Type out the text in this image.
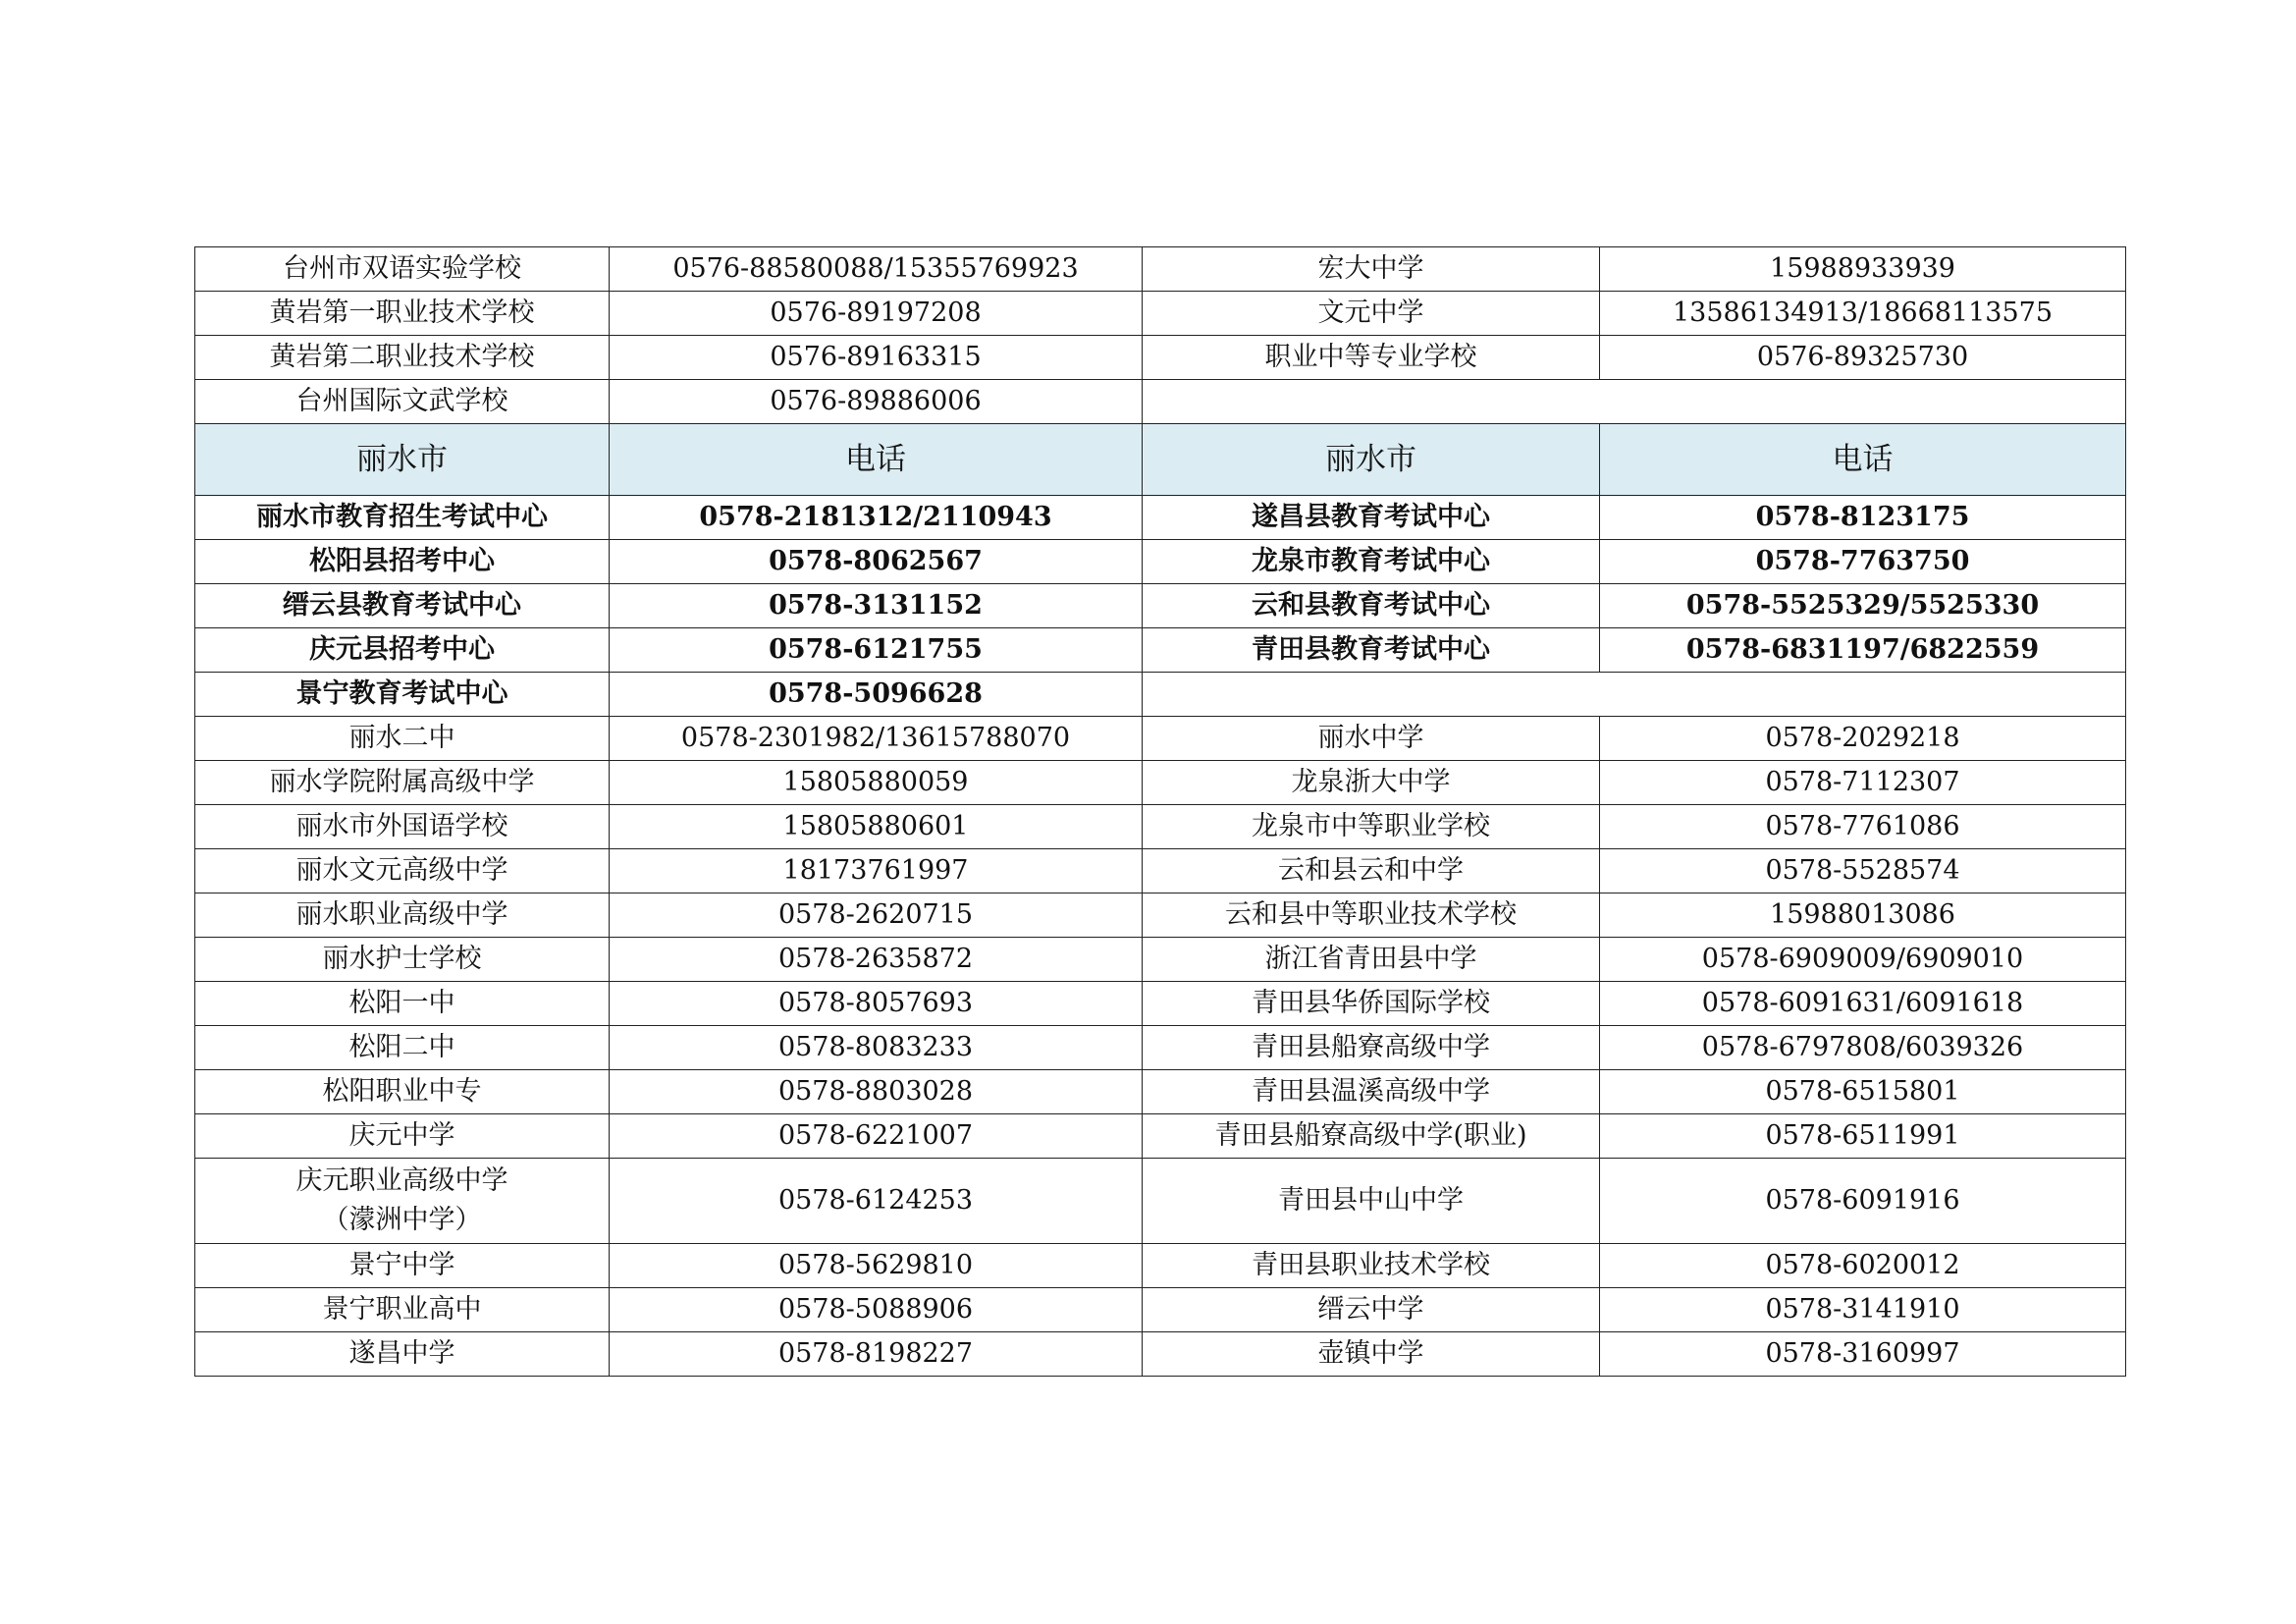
台州市双语实验学校	0576-88580088/15355769923	宏大中学	15988933939
黄岩第一职业技术学校	0576-89197208	文元中学	13586134913/18668113575
黄岩第二职业技术学校	0576-89163315	职业中等专业学校	0576-89325730
台州国际文武学校	0576-89886006		
丽水市	电话	丽水市	电话
丽水市教育招生考试中心	0578-2181312/2110943	遂昌县教育考试中心	0578-8123175
松阳县招考中心	0578-8062567	龙泉市教育考试中心	0578-7763750
缙云县教育考试中心	0578-3131152	云和县教育考试中心	0578-5525329/5525330
庆元县招考中心	0578-6121755	青田县教育考试中心	0578-6831197/6822559
景宁教育考试中心	0578-5096628		
丽水二中	0578-2301982/13615788070	丽水中学	0578-2029218
丽水学院附属高级中学	15805880059	龙泉浙大中学	0578-7112307
丽水市外国语学校	15805880601	龙泉市中等职业学校	0578-7761086
丽水文元高级中学	18173761997	云和县云和中学	0578-5528574
丽水职业高级中学	0578-2620715	云和县中等职业技术学校	15988013086
丽水护士学校	0578-2635872	浙江省青田县中学	0578-6909009/6909010
松阳一中	0578-8057693	青田县华侨国际学校	0578-6091631/6091618
松阳二中	0578-8083233	青田县船寮高级中学	0578-6797808/6039326
松阳职业中专	0578-8803028	青田县温溪高级中学	0578-6515801
庆元中学	0578-6221007	青田县船寮高级中学(职业)	0578-6511991

庆元职业高级中学
（濛洲中学）	0578-6124253	青田县中山中学	0578-6091916
景宁中学	0578-5629810	青田县职业技术学校	0578-6020012
景宁职业高中	0578-5088906	缙云中学	0578-3141910
遂昌中学	0578-8198227	壶镇中学	0578-3160997
